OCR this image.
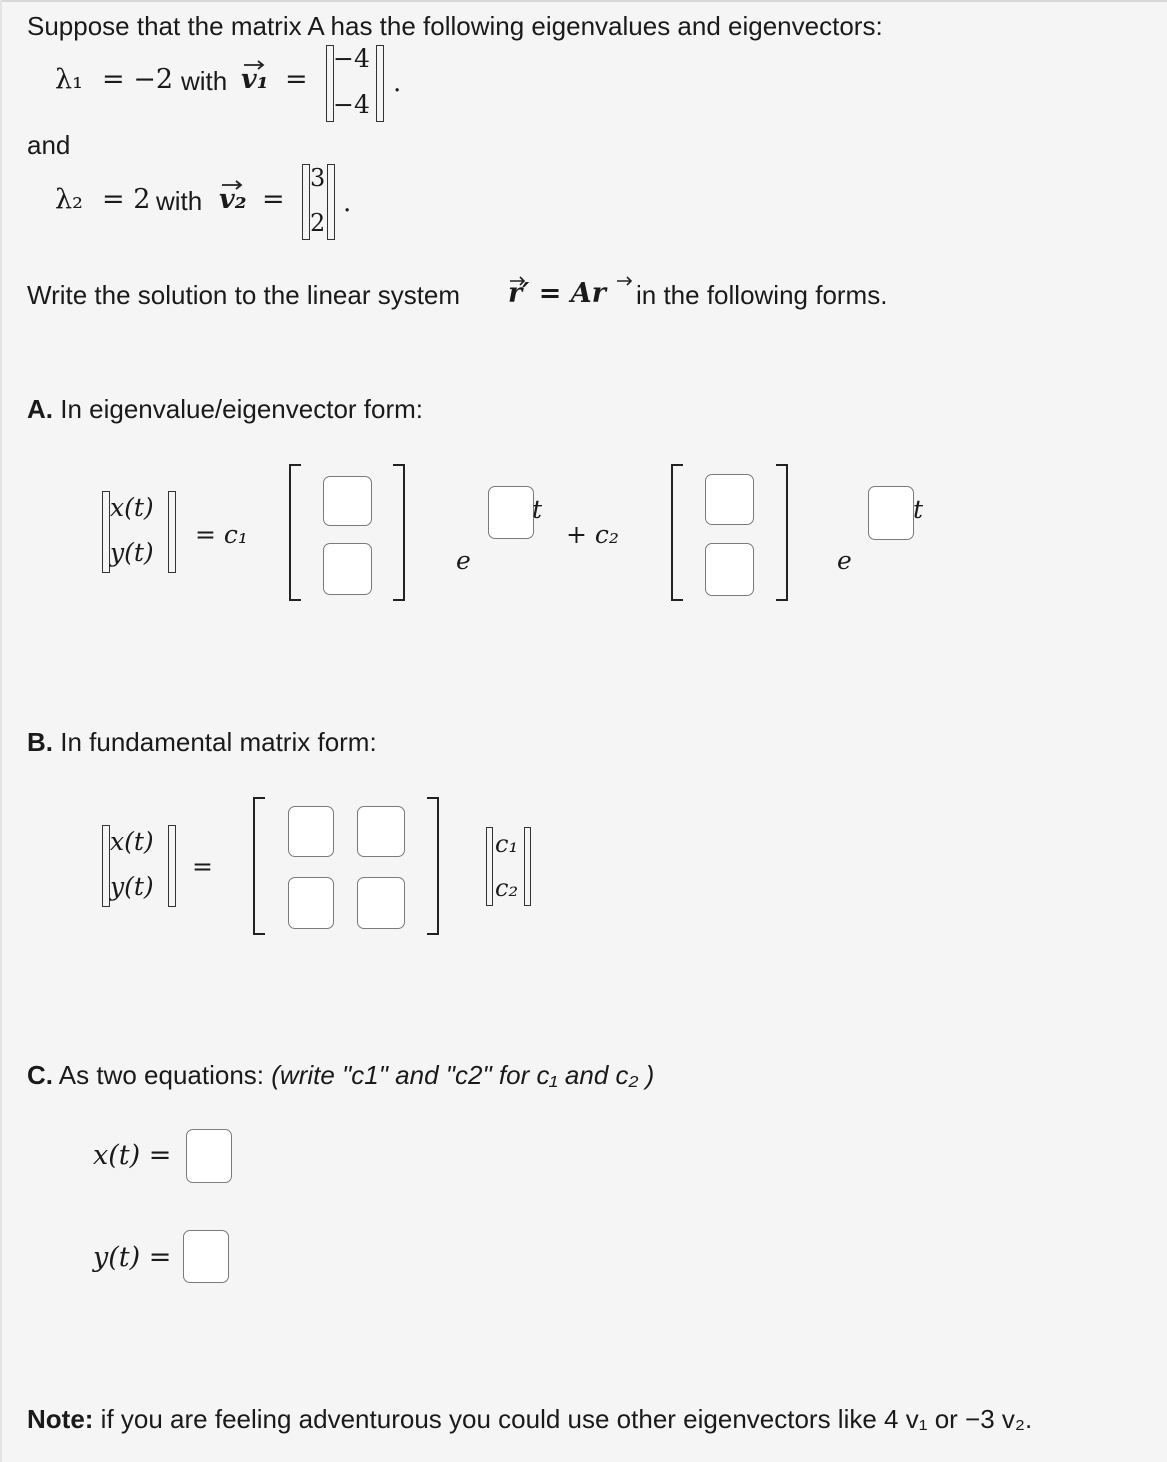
Suppose that the matrix A has the following eigenvalues and eigenvectors:
λ₁ = −2 with v₁ =
−4
−4
.
and
λ₂ = 2 with v₂ =
3
2
.
Write the solution to the linear system r′ = Ar in the following forms.
A. In eigenvalue/eigenvector form:
x(t)
y(t)
= c₁
e
t
+ c₂
e
t
B. In fundamental matrix form:
x(t)
y(t)
=
c₁
c₂
C. As two equations: (write "c1" and "c2" for c₁ and c₂ )
x(t) =
y(t) =
Note: if you are feeling adventurous you could use other eigenvectors like 4 v₁ or −3 v₂.
